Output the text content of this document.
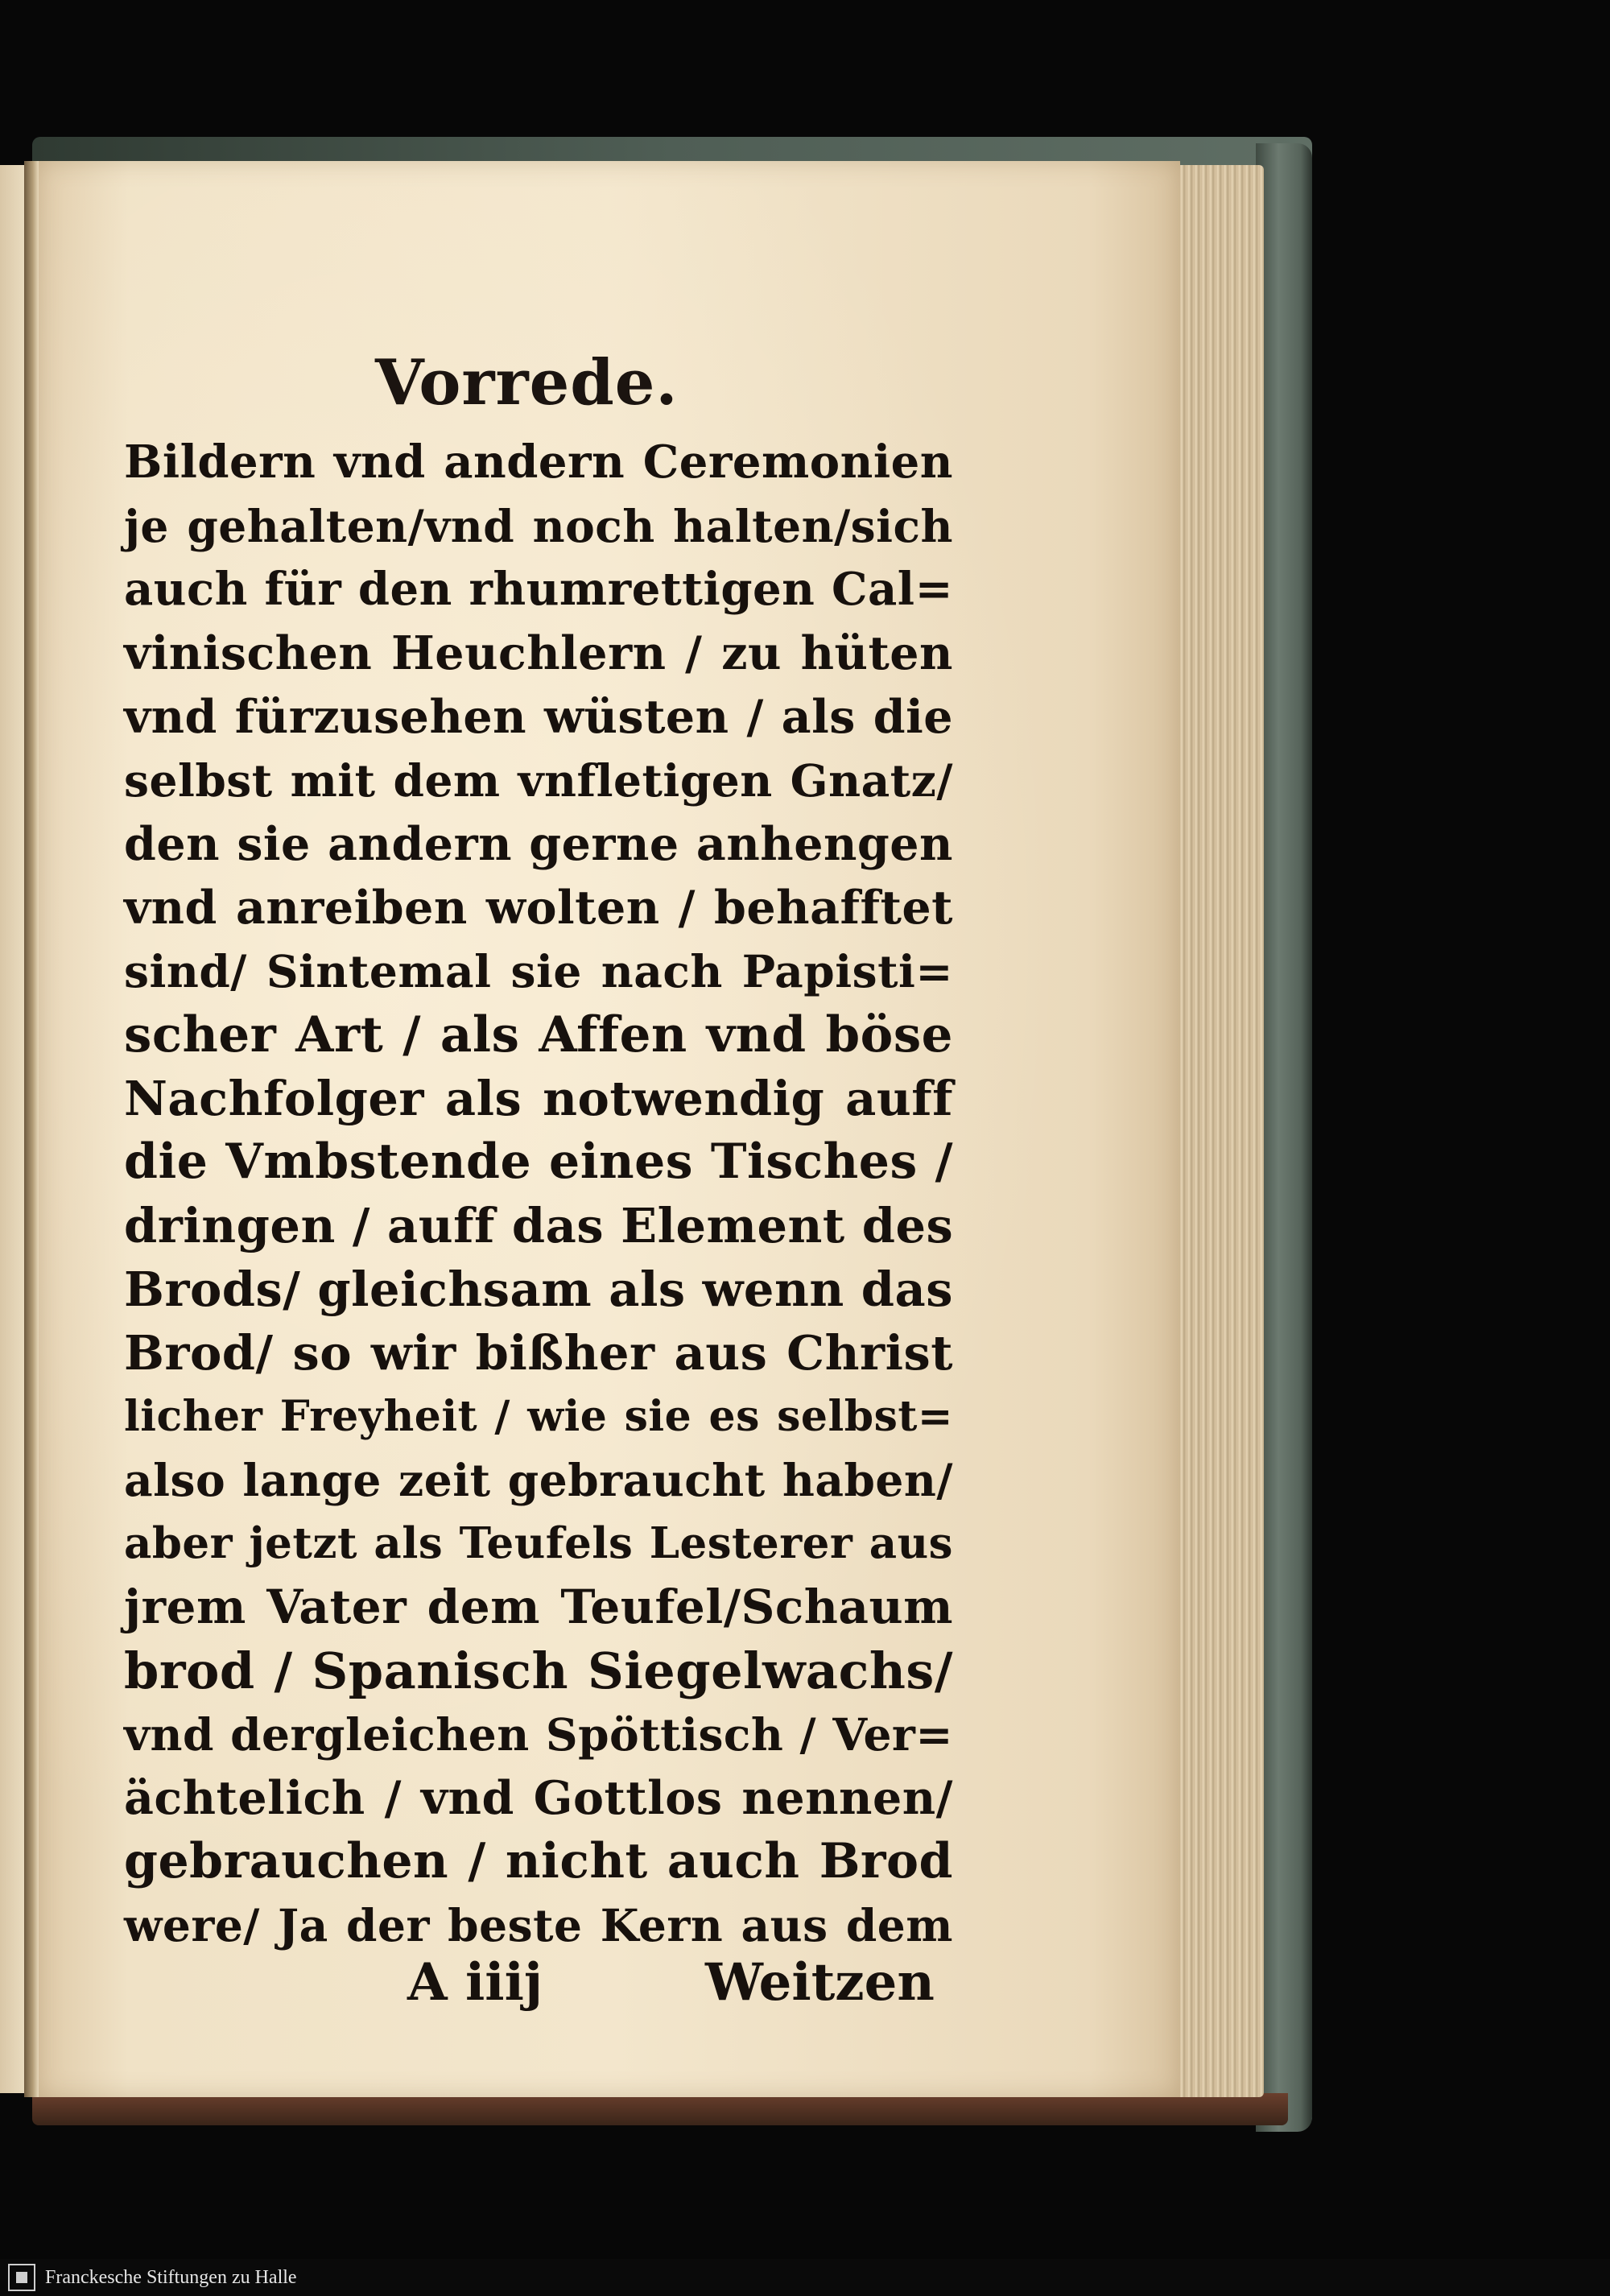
Vorrede.
Bildern vnd andern Ceremonien
je gehalten/vnd noch halten/sich
auch für den rhumrettigen Cal=
vinischen Heuchlern / zu hüten
vnd fürzusehen wüsten / als die
selbst mit dem vnfletigen Gnatz/
den sie andern gerne anhengen
vnd anreiben wolten / behafftet
sind/ Sintemal sie nach Papisti=
scher Art / als Affen vnd böse
Nachfolger als notwendig auff
die Vmbstende eines Tisches /
dringen / auff das Element des
Brods/ gleichsam als wenn das
Brod/ so wir bißher aus Christ
licher Freyheit / wie sie es selbst=
also lange zeit gebraucht haben/
aber jetzt als Teufels Lesterer aus
jrem Vater dem Teufel/Schaum
brod / Spanisch Siegelwachs/
vnd dergleichen Spöttisch / Ver=
ächtelich / vnd Gottlos nennen/
gebrauchen / nicht auch Brod
were/ Ja der beste Kern aus dem
A iiij	Weitzen
Franckesche Stiftungen zu Halle
